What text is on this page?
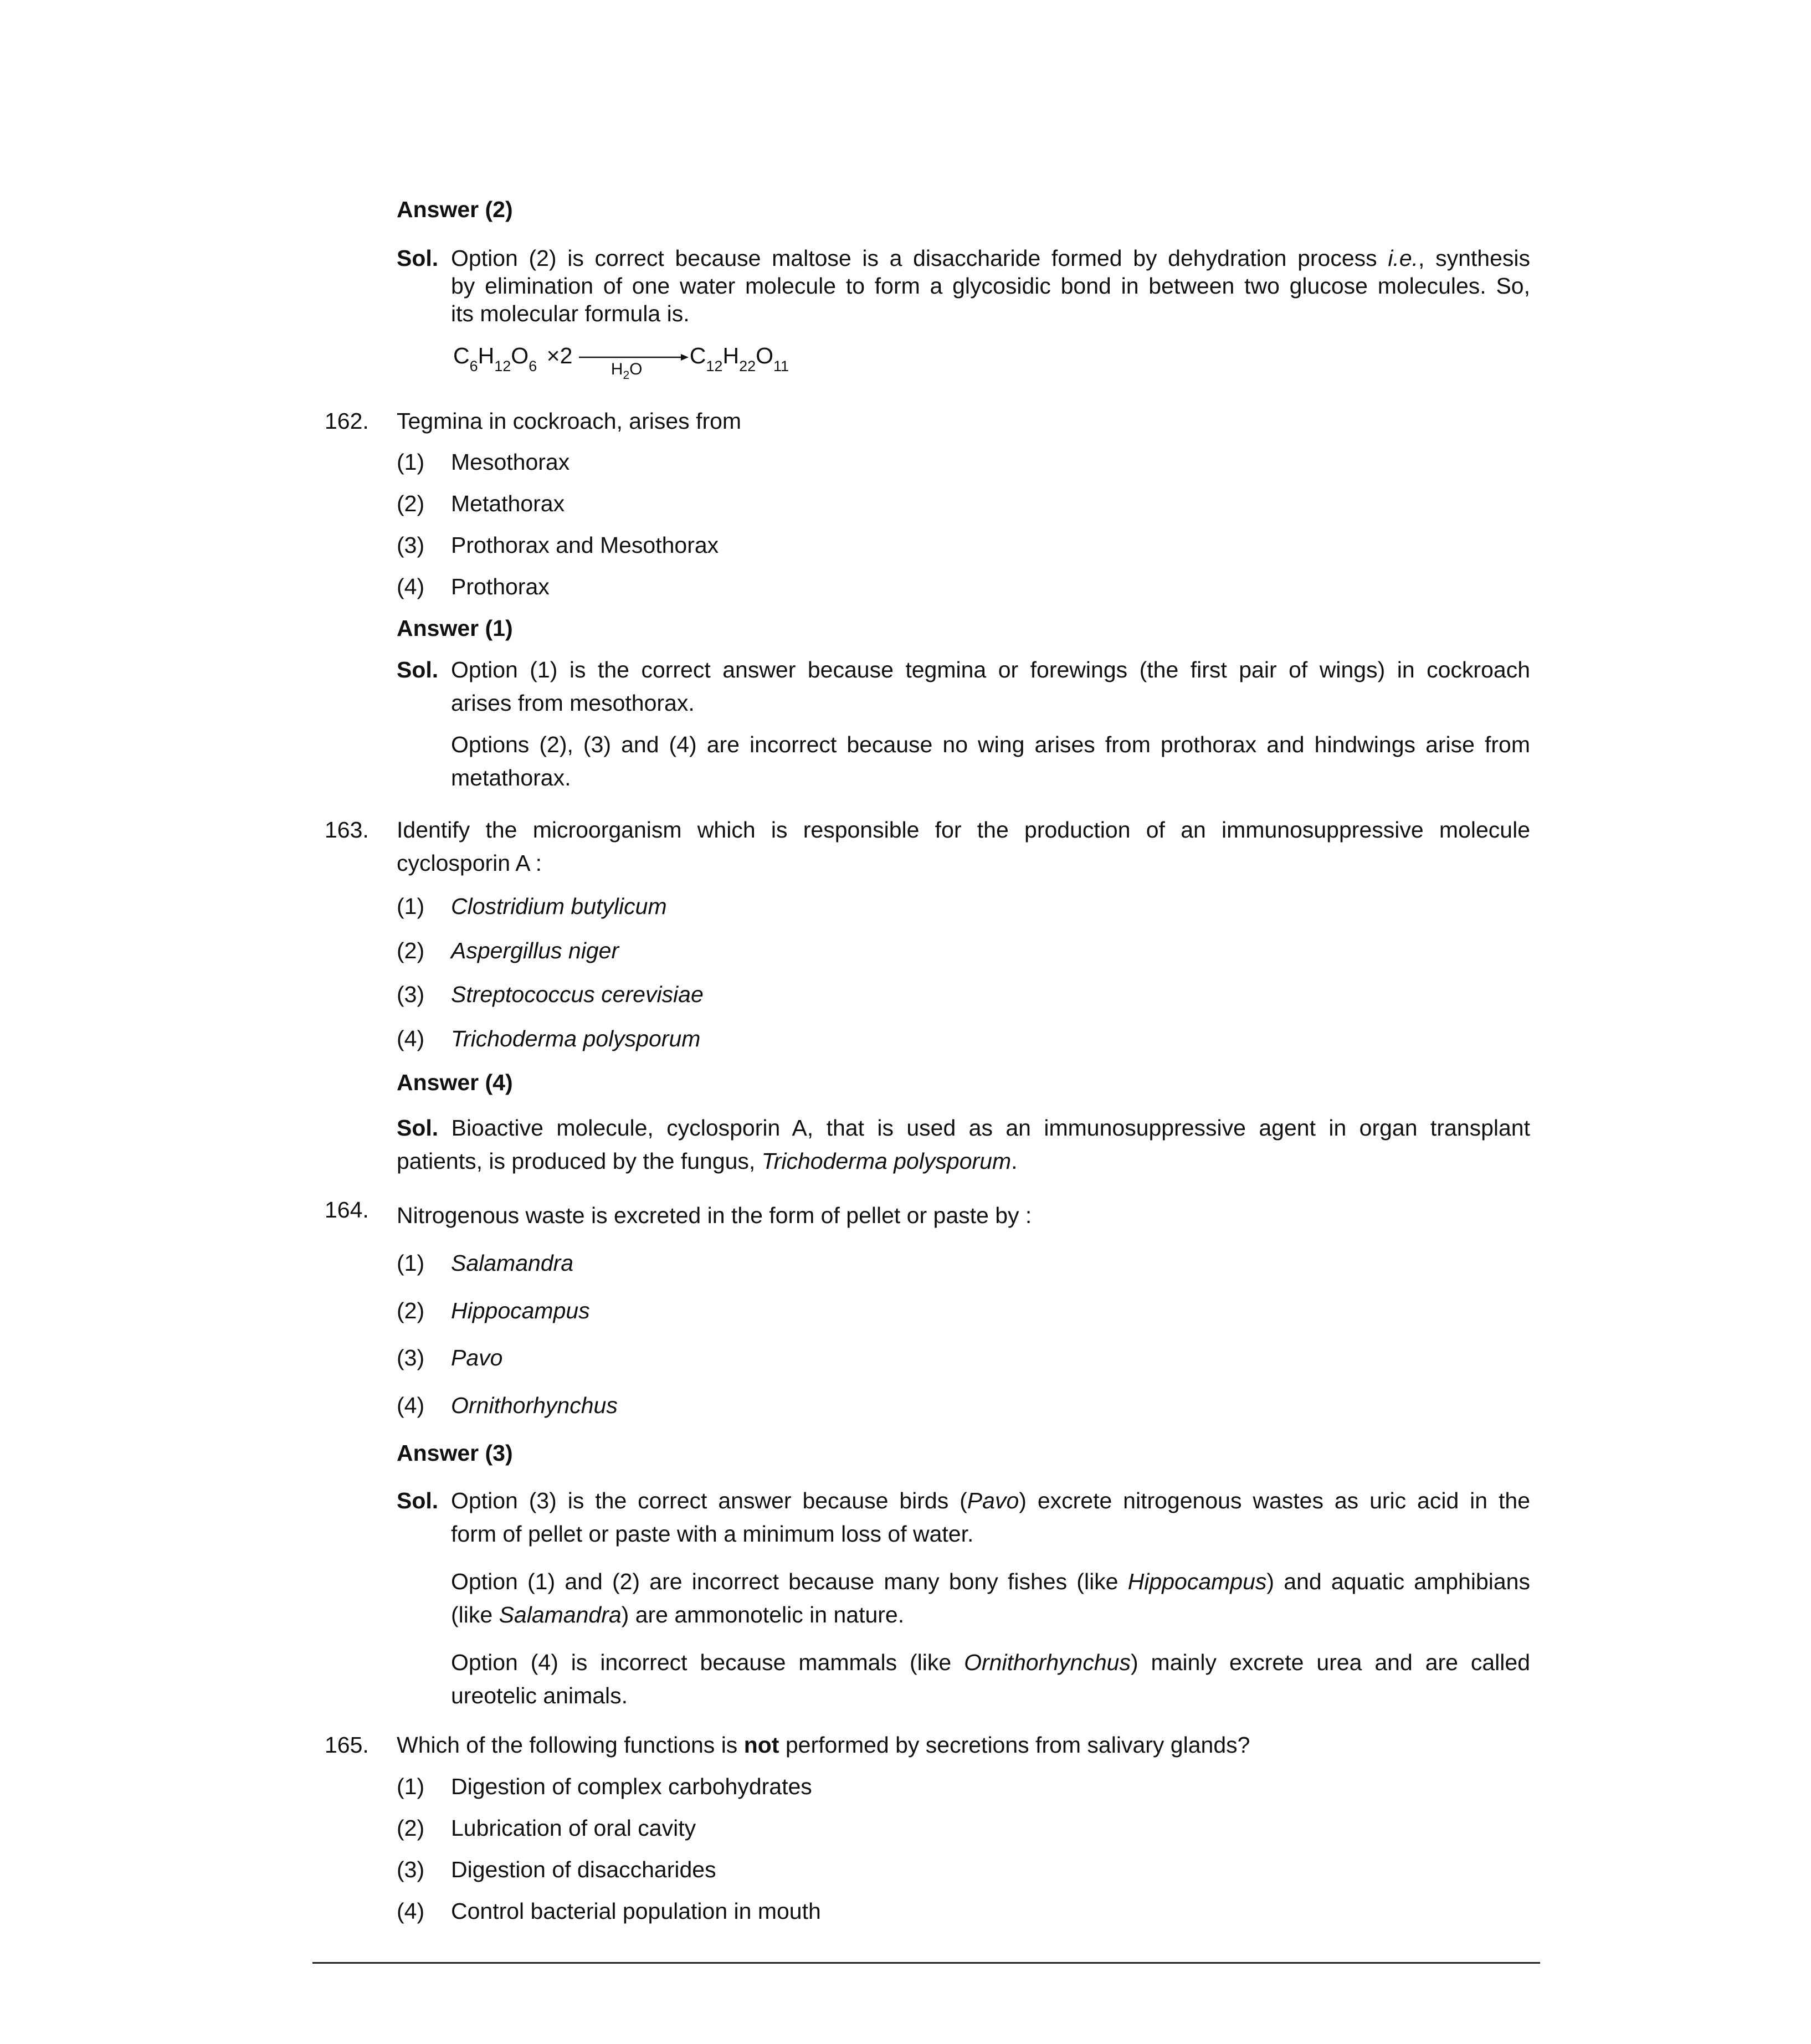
Answer (2)
Sol. Option (2) is correct because maltose is a disaccharide formed by dehydration process i.e., synthesis
by elimination of one water molecule to form a glycosidic bond in between two glucose molecules. So,
its molecular formula is.
$C_6H_{12}O_6 \times 2$
$H_2O$
$C_{12}H_{22}O_{11}$
162. Tegmina in cockroach, arises from
(1) Mesothorax
(2) Metathorax
(3) Prothorax and Mesothorax
(4) Prothorax
Answer (1)
Sol. Option (1) is the correct answer because tegmina or forewings (the first pair of wings) in cockroach
arises from mesothorax.
Options (2), (3) and (4) are incorrect because no wing arises from prothorax and hindwings arise from
metathorax.
163. Identify the microorganism which is responsible for the production of an immunosuppressive molecule
cyclosporin A :
(1) Clostridium butylicum
(2) Aspergillus niger
(3) Streptococcus cerevisiae
(4) Trichoderma polysporum
Answer (4)
Sol. Bioactive molecule, cyclosporin A, that is used as an immunosuppressive agent in organ transplant
patients, is produced by the fungus, Trichoderma polysporum.
164. Nitrogenous waste is excreted in the form of pellet or paste by :
(1) Salamandra
(2) Hippocampus
(3) Pavo
(4) Ornithorhynchus
Answer (3)
Sol. Option (3) is the correct answer because birds (Pavo) excrete nitrogenous wastes as uric acid in the
form of pellet or paste with a minimum loss of water.
Option (1) and (2) are incorrect because many bony fishes (like Hippocampus) and aquatic amphibians
(like Salamandra) are ammonotelic in nature.
Option (4) is incorrect because mammals (like Ornithorhynchus) mainly excrete urea and are called
ureotelic animals.
165. Which of the following functions is not performed by secretions from salivary glands?
(1) Digestion of complex carbohydrates
(2) Lubrication of oral cavity
(3) Digestion of disaccharides
(4) Control bacterial population in mouth
